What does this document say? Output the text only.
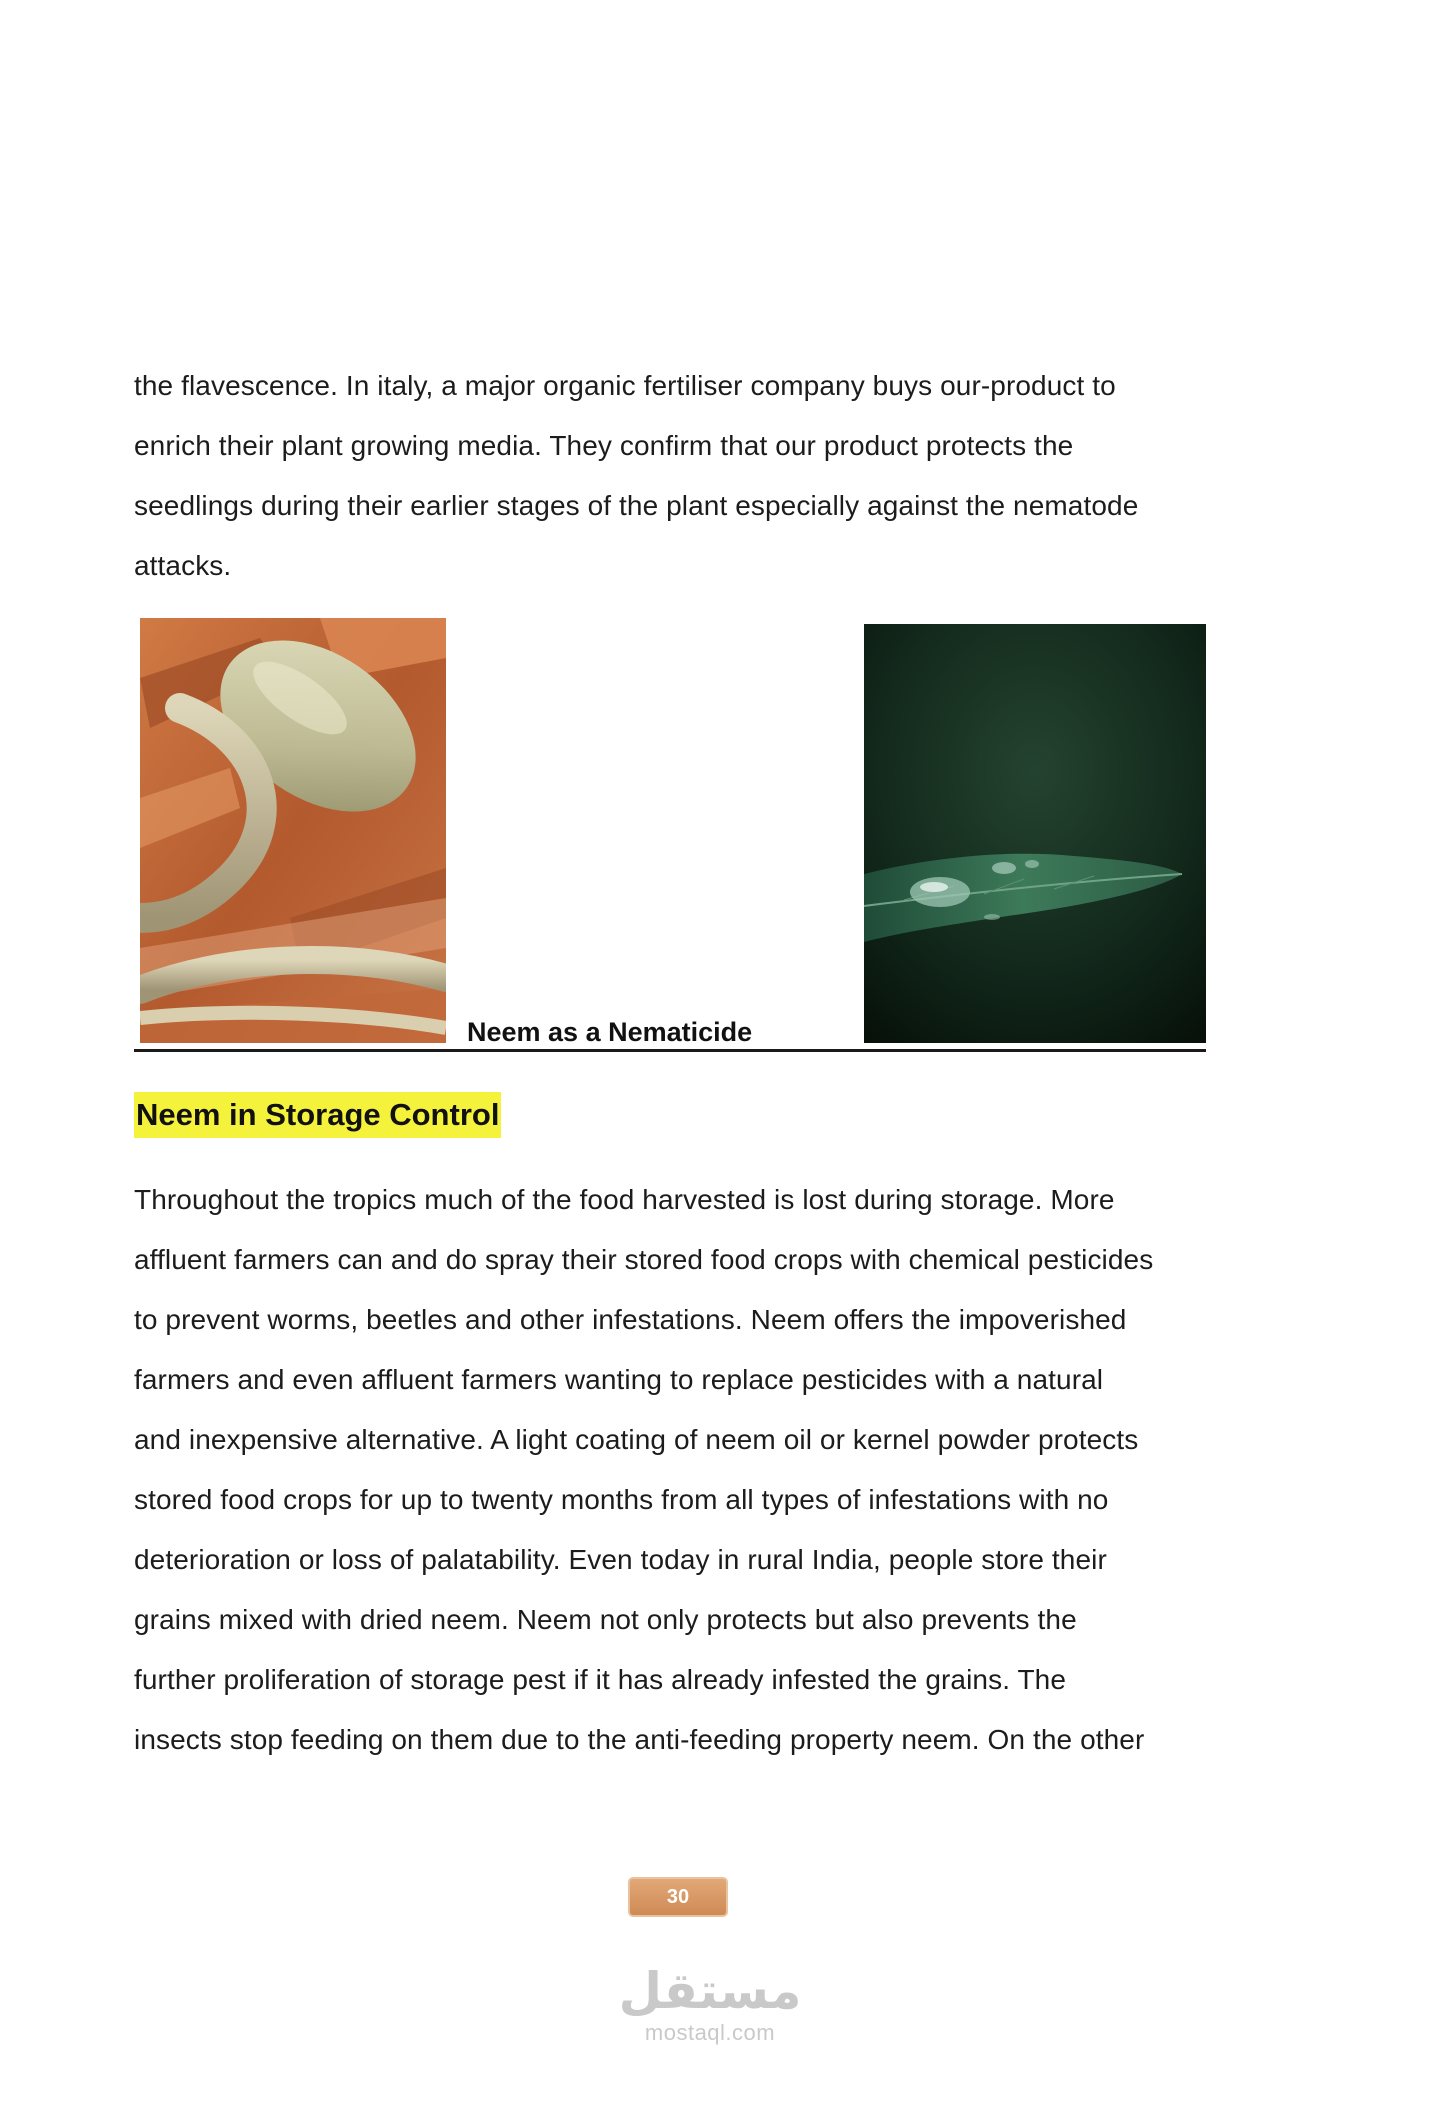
the flavescence. In italy, a major organic fertiliser company buys our-product to
enrich their plant growing media. They confirm that our product protects the
seedlings during their earlier stages of the plant especially against the nematode
attacks.
Neem as a Nematicide
Neem in Storage Control
Throughout the tropics much of the food harvested is lost during storage. More
affluent farmers can and do spray their stored food crops with chemical pesticides
to prevent worms, beetles and other infestations. Neem offers the impoverished
farmers and even affluent farmers wanting to replace pesticides with a natural
and inexpensive alternative. A light coating of neem oil or kernel powder protects
stored food crops for up to twenty months from all types of infestations with no
deterioration or loss of palatability. Even today in rural India, people store their
grains mixed with dried neem. Neem not only protects but also prevents the
further proliferation of storage pest if it has already infested the grains. The
insects stop feeding on them due to the anti-feeding property neem. On the other
30
مستقل
mostaql.com
